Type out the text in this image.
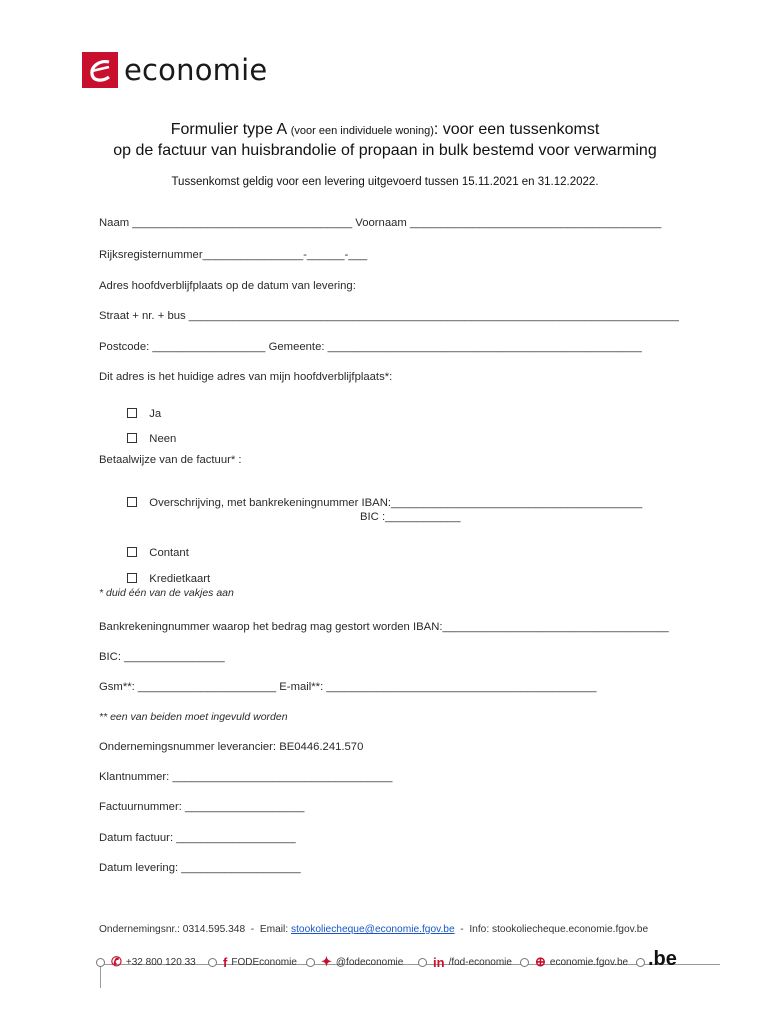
economie
Formulier type A (voor een individuele woning): voor een tussenkomst
op de factuur van huisbrandolie of propaan in bulk bestemd voor verwarming
Tussenkomst geldig voor een levering uitgevoerd tussen 15.11.2021 en 31.12.2022.
Naam ___________________________________ Voornaam ________________________________________
Rijksregisternummer________________-______-___
Adres hoofdverblijfplaats op de datum van levering:
Straat + nr. + bus ______________________________________________________________________________
Postcode: __________________ Gemeente: __________________________________________________
Dit adres is het huidige adres van mijn hoofdverblijfplaats*:

Ja

Neen

Betaalwijze van de factuur* :

Overschrijving, met bankrekeningnummer IBAN:________________________________________

BIC :____________

Contant

Kredietkaart

* duid één van de vakjes aan
Bankrekeningnummer waarop het bedrag mag gestort worden IBAN:____________________________________
BIC: ________________
Gsm**: ______________________ E-mail**: ___________________________________________
** een van beiden moet ingevuld worden
Ondernemingsnummer leverancier: BE0446.241.570
Klantnummer: ___________________________________
Factuurnummer: ___________________
Datum factuur: ___________________
Datum levering: ___________________
Ondernemingsnr.: 0314.595.348  -  Email: stookoliecheque@economie.fgov.be  -  Info: stookoliecheque.economie.fgov.be
✆ +32 800 120 33 f FODEconomie ✦ @fodeconomie in /fod-economie ⊕ economie.fgov.be .be
